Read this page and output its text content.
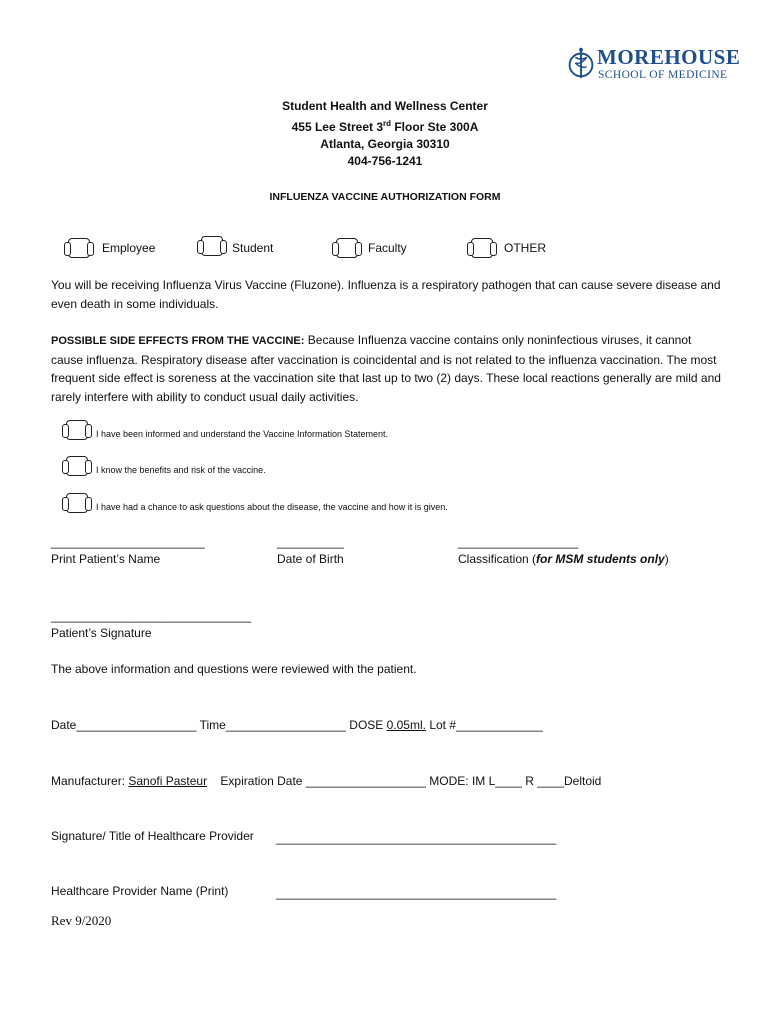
MOREHOUSE
SCHOOL OF MEDICINE
Student Health and Wellness Center
455 Lee Street 3rd Floor Ste 300A
Atlanta, Georgia 30310
404-756-1241
INFLUENZA VACCINE AUTHORIZATION FORM
Employee	Student	Faculty	OTHER
You will be receiving Influenza Virus Vaccine (Fluzone). Influenza is a respiratory pathogen that can cause severe disease and even death in some individuals.
POSSIBLE SIDE EFFECTS FROM THE VACCINE: Because Influenza vaccine contains only noninfectious viruses, it cannot cause influenza. Respiratory disease after vaccination is coincidental and is not related to the influenza vaccination. The most frequent side effect is soreness at the vaccination site that last up to two (2) days. These local reactions generally are mild and rarely interfere with ability to conduct usual daily activities.
I have been informed and understand the Vaccine Information Statement.
I know the benefits and risk of the vaccine.
I have had a chance to ask questions about the disease, the vaccine and how it is given.
_______________________
Print Patient’s Name
__________
Date of Birth
__________________
Classification (for MSM students only)
______________________________
Patient’s Signature
The above information and questions were reviewed with the patient.
Date__________________ Time__________________ DOSE 0.05ml. Lot #_____________
Manufacturer: Sanofi Pasteur    Expiration Date __________________ MODE: IM L____ R ____Deltoid
Signature/ Title of Healthcare Provider __________________________________________
Healthcare Provider Name (Print)	__________________________________________
Rev 9/2020
